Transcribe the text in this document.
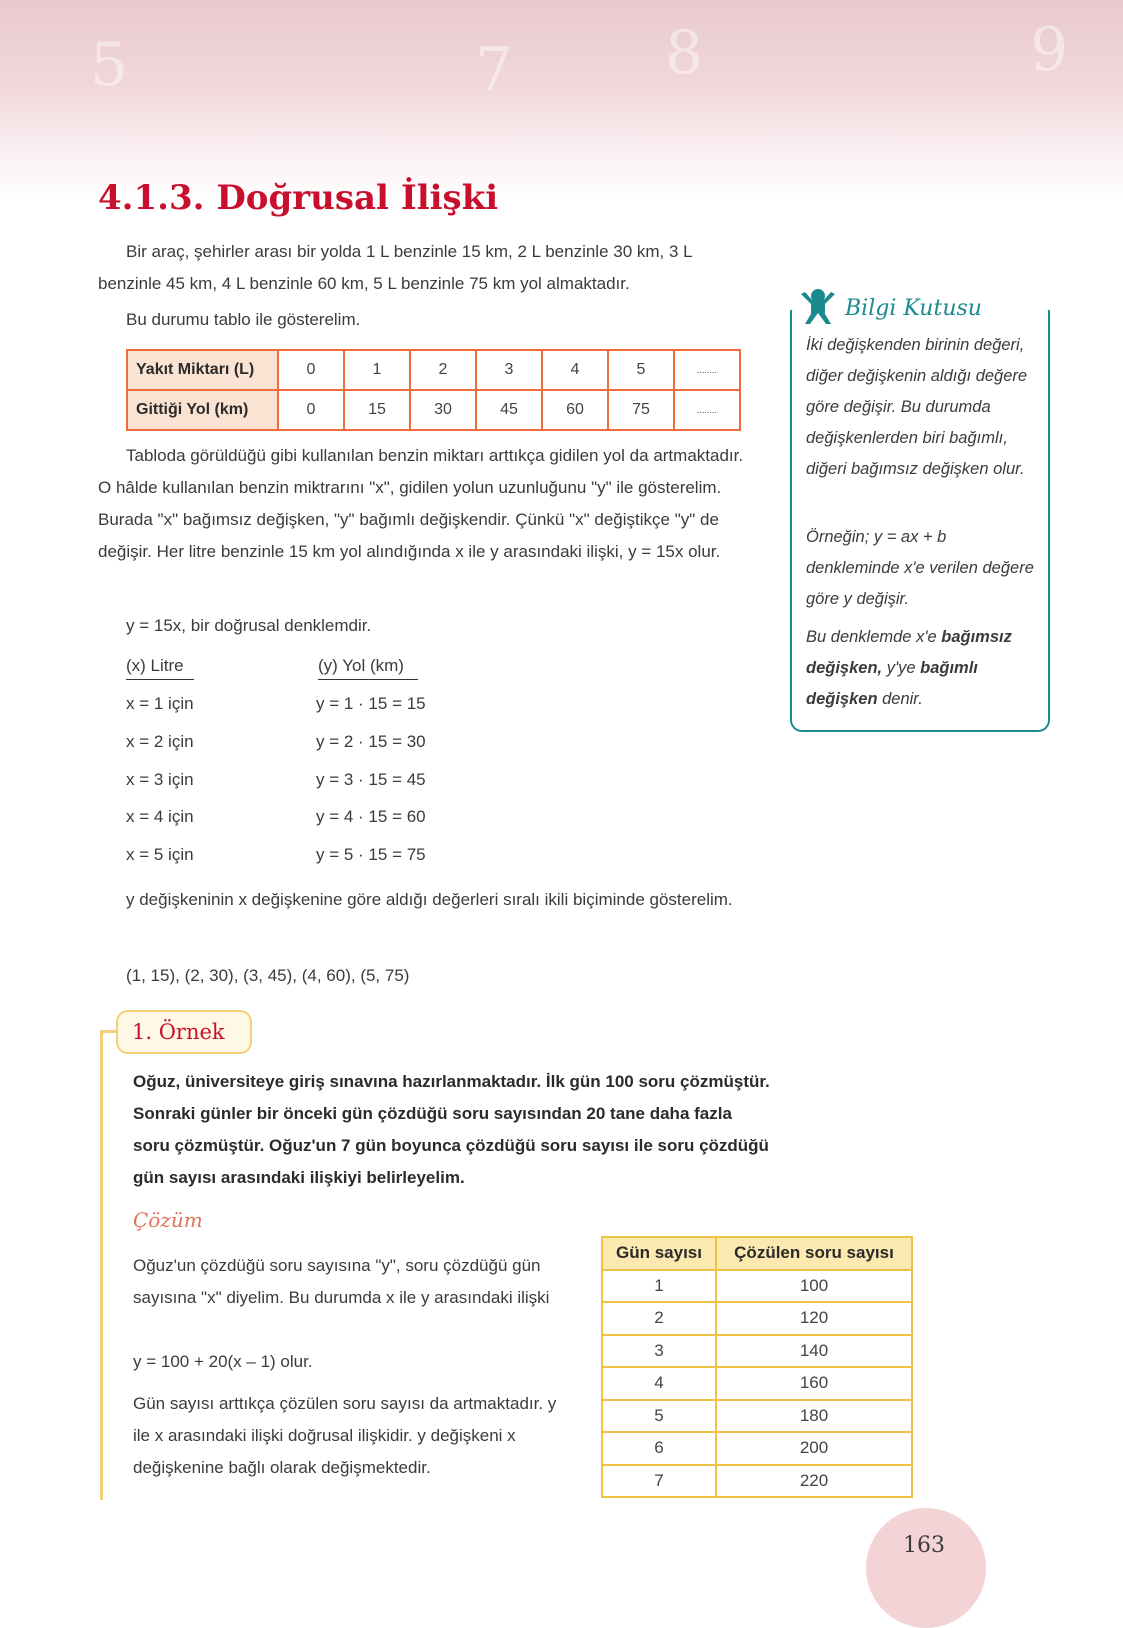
5	7	8	9
4.1.3. Doğrusal İlişki
Bir araç, şehirler arası bir yolda 1 L benzinle 15 km, 2 L benzinle 30 km, 3 L benzinle 45 km, 4 L benzinle 60 km, 5 L benzinle 75 km yol almaktadır.
Bu durumu tablo ile gösterelim.
Yakıt Miktarı (L)	0	1	2	3	4	5	........
Gittiği Yol (km)	0	15	30	45	60	75	........
Tabloda görüldüğü gibi kullanılan benzin miktarı arttıkça gidilen yol da artmaktadır. O hâlde kullanılan benzin miktrarını "x", gidilen yolun uzunluğunu "y" ile gösterelim. Burada "x" bağımsız değişken, "y" bağımlı değişkendir. Çünkü "x" değiştikçe "y" de değişir. Her litre benzinle 15 km yol alındığında x ile y arasındaki ilişki, y = 15x olur.
y = 15x, bir doğrusal denklemdir.
(x) Litre	(y) Yol (km)
x = 1 için	y = 1 · 15 = 15
x = 2 için	y = 2 · 15 = 30
x = 3 için	y = 3 · 15 = 45
x = 4 için	y = 4 · 15 = 60
x = 5 için	y = 5 · 15 = 75
y değişkeninin x değişkenine göre aldığı değerleri sıralı ikili biçiminde gösterelim.
(1, 15), (2, 30), (3, 45), (4, 60), (5, 75)
Bilgi Kutusu
İki değişkenden birinin değeri, diğer değişkenin aldığı değere göre değişir. Bu durumda değişkenlerden biri bağımlı, diğeri bağımsız değişken olur.
Örneğin; y = ax + b denkleminde x'e verilen değere göre y değişir.
Bu denklemde x'e bağımsız değişken, y'ye bağımlı değişken denir.
1. Örnek
Oğuz, üniversiteye giriş sınavına hazırlanmaktadır. İlk gün 100 soru çözmüştür. Sonraki günler bir önceki gün çözdüğü soru sayısından 20 tane daha fazla soru çözmüştür. Oğuz'un 7 gün boyunca çözdüğü soru sayısı ile soru çözdüğü gün sayısı arasındaki ilişkiyi belirleyelim.
Çözüm
Oğuz'un çözdüğü soru sayısına "y", soru çözdüğü gün sayısına "x" diyelim. Bu durumda x ile y arasındaki ilişki
y = 100 + 20(x – 1) olur.
Gün sayısı arttıkça çözülen soru sayısı da artmaktadır. y ile x arasındaki ilişki doğrusal ilişkidir. y değişkeni x değişkenine bağlı olarak değişmektedir.
Gün sayısı	Çözülen soru sayısı
1	100
2	120
3	140
4	160
5	180
6	200
7	220
163
